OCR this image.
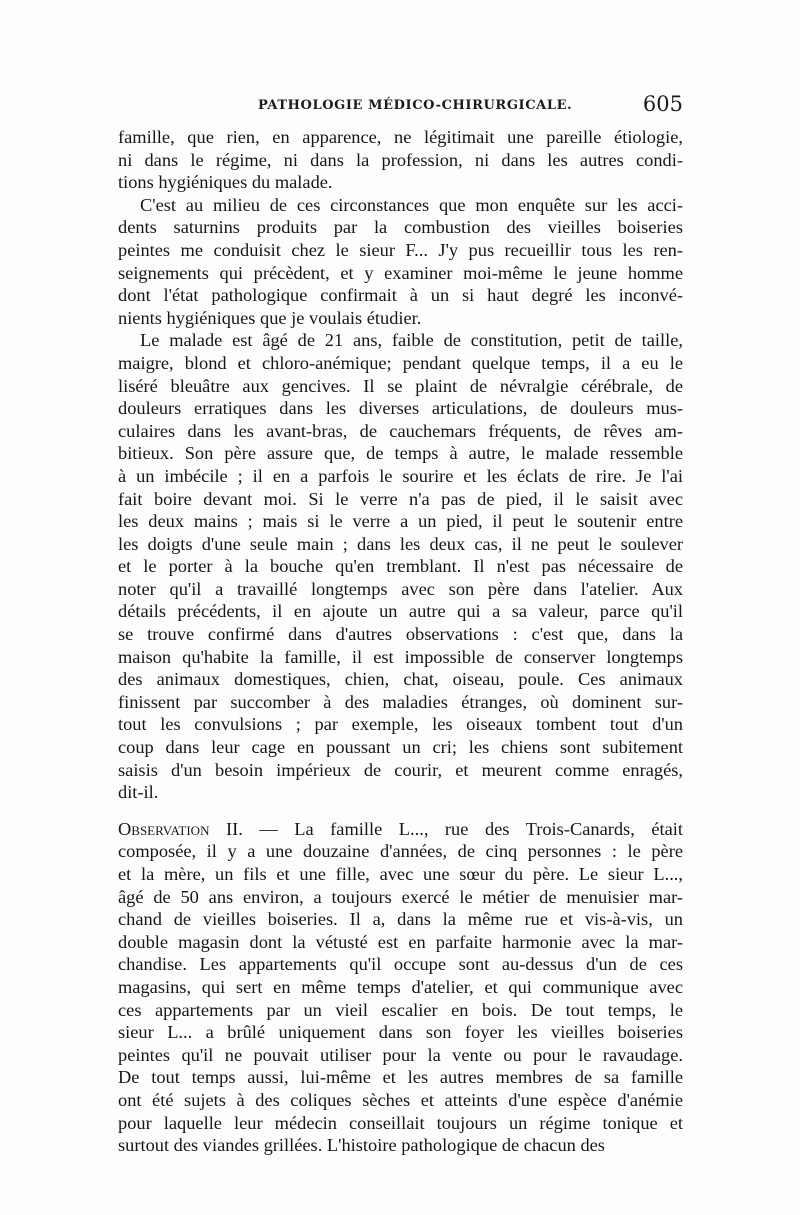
PATHOLOGIE MÉDICO-CHIRURGICALE.	605
famille, que rien, en apparence, ne légitimait une pareille étiologie,
ni dans le régime, ni dans la profession, ni dans les autres condi-
tions hygiéniques du malade.
C'est au milieu de ces circonstances que mon enquête sur les acci-
dents saturnins produits par la combustion des vieilles boiseries
peintes me conduisit chez le sieur F... J'y pus recueillir tous les ren-
seignements qui précèdent, et y examiner moi-même le jeune homme
dont l'état pathologique confirmait à un si haut degré les inconvé-
nients hygiéniques que je voulais étudier.
Le malade est âgé de 21 ans, faible de constitution, petit de taille,
maigre, blond et chloro-anémique; pendant quelque temps, il a eu le
liséré bleuâtre aux gencives. Il se plaint de névralgie cérébrale, de
douleurs erratiques dans les diverses articulations, de douleurs mus-
culaires dans les avant-bras, de cauchemars fréquents, de rêves am-
bitieux. Son père assure que, de temps à autre, le malade ressemble
à un imbécile ; il en a parfois le sourire et les éclats de rire. Je l'ai
fait boire devant moi. Si le verre n'a pas de pied, il le saisit avec
les deux mains ; mais si le verre a un pied, il peut le soutenir entre
les doigts d'une seule main ; dans les deux cas, il ne peut le soulever
et le porter à la bouche qu'en tremblant. Il n'est pas nécessaire de
noter qu'il a travaillé longtemps avec son père dans l'atelier. Aux
détails précédents, il en ajoute un autre qui a sa valeur, parce qu'il
se trouve confirmé dans d'autres observations : c'est que, dans la
maison qu'habite la famille, il est impossible de conserver longtemps
des animaux domestiques, chien, chat, oiseau, poule. Ces animaux
finissent par succomber à des maladies étranges, où dominent sur-
tout les convulsions ; par exemple, les oiseaux tombent tout d'un
coup dans leur cage en poussant un cri; les chiens sont subitement
saisis d'un besoin impérieux de courir, et meurent comme enragés,
dit-il.
Observation II. — La famille L..., rue des Trois-Canards, était
composée, il y a une douzaine d'années, de cinq personnes : le père
et la mère, un fils et une fille, avec une sœur du père. Le sieur L...,
âgé de 50 ans environ, a toujours exercé le métier de menuisier mar-
chand de vieilles boiseries. Il a, dans la même rue et vis-à-vis, un
double magasin dont la vétusté est en parfaite harmonie avec la mar-
chandise. Les appartements qu'il occupe sont au-dessus d'un de ces
magasins, qui sert en même temps d'atelier, et qui communique avec
ces appartements par un vieil escalier en bois. De tout temps, le
sieur L... a brûlé uniquement dans son foyer les vieilles boiseries
peintes qu'il ne pouvait utiliser pour la vente ou pour le ravaudage.
De tout temps aussi, lui-même et les autres membres de sa famille
ont été sujets à des coliques sèches et atteints d'une espèce d'anémie
pour laquelle leur médecin conseillait toujours un régime tonique et
surtout des viandes grillées. L'histoire pathologique de chacun des
